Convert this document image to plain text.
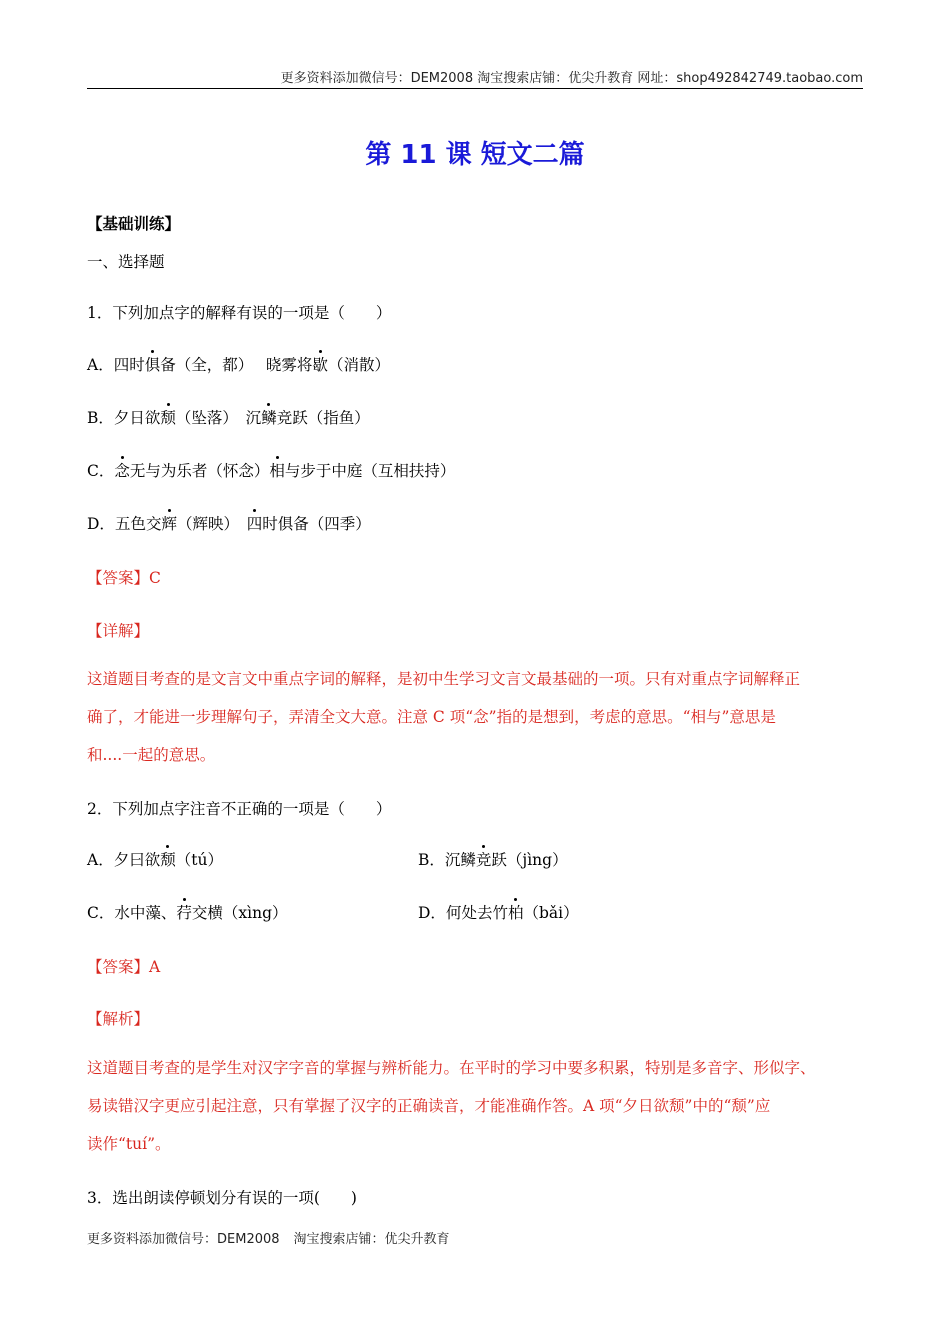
更多资料添加微信号：DEM2008 淘宝搜索店铺：优尖升教育 网址：shop492842749.taobao.com
第 11 课 短文二篇
【基础训练】
一、选择题
1．下列加点字的解释有误的一项是（　　）
A．四时俱备（全，都）　 晓雾将歇（消散）
B．夕日欲颓（坠落）　沉鳞竞跃（指鱼）
C．念无与为乐者（怀念）相与步于中庭（互相扶持）
D．五色交辉（辉映）　四时俱备（四季）
【答案】C
【详解】
这道题目考查的是文言文中重点字词的解释，是初中生学习文言文最基础的一项。只有对重点字词解释正
确了，才能进一步理解句子，弄清全文大意。注意 C 项“念”指的是想到，考虑的意思。“相与”意思是
和....一起的意思。
2．下列加点字注音不正确的一项是（　　）
A．夕曰欲颓（tú）	B．沉鳞竞跃（jìng）
C．水中藻、荇交横（xìng）	D．何处去竹柏（bǎi）
【答案】A
【解析】
这道题目考查的是学生对汉字字音的掌握与辨析能力。在平时的学习中要多积累，特别是多音字、形似字、
易读错汉字更应引起注意，只有掌握了汉字的正确读音，才能准确作答。A 项“夕日欲颓”中的“颓”应
读作“tuí”。
3．选出朗读停顿划分有误的一项(　　)
更多资料添加微信号：DEM2008 淘宝搜索店铺：优尖升教育
